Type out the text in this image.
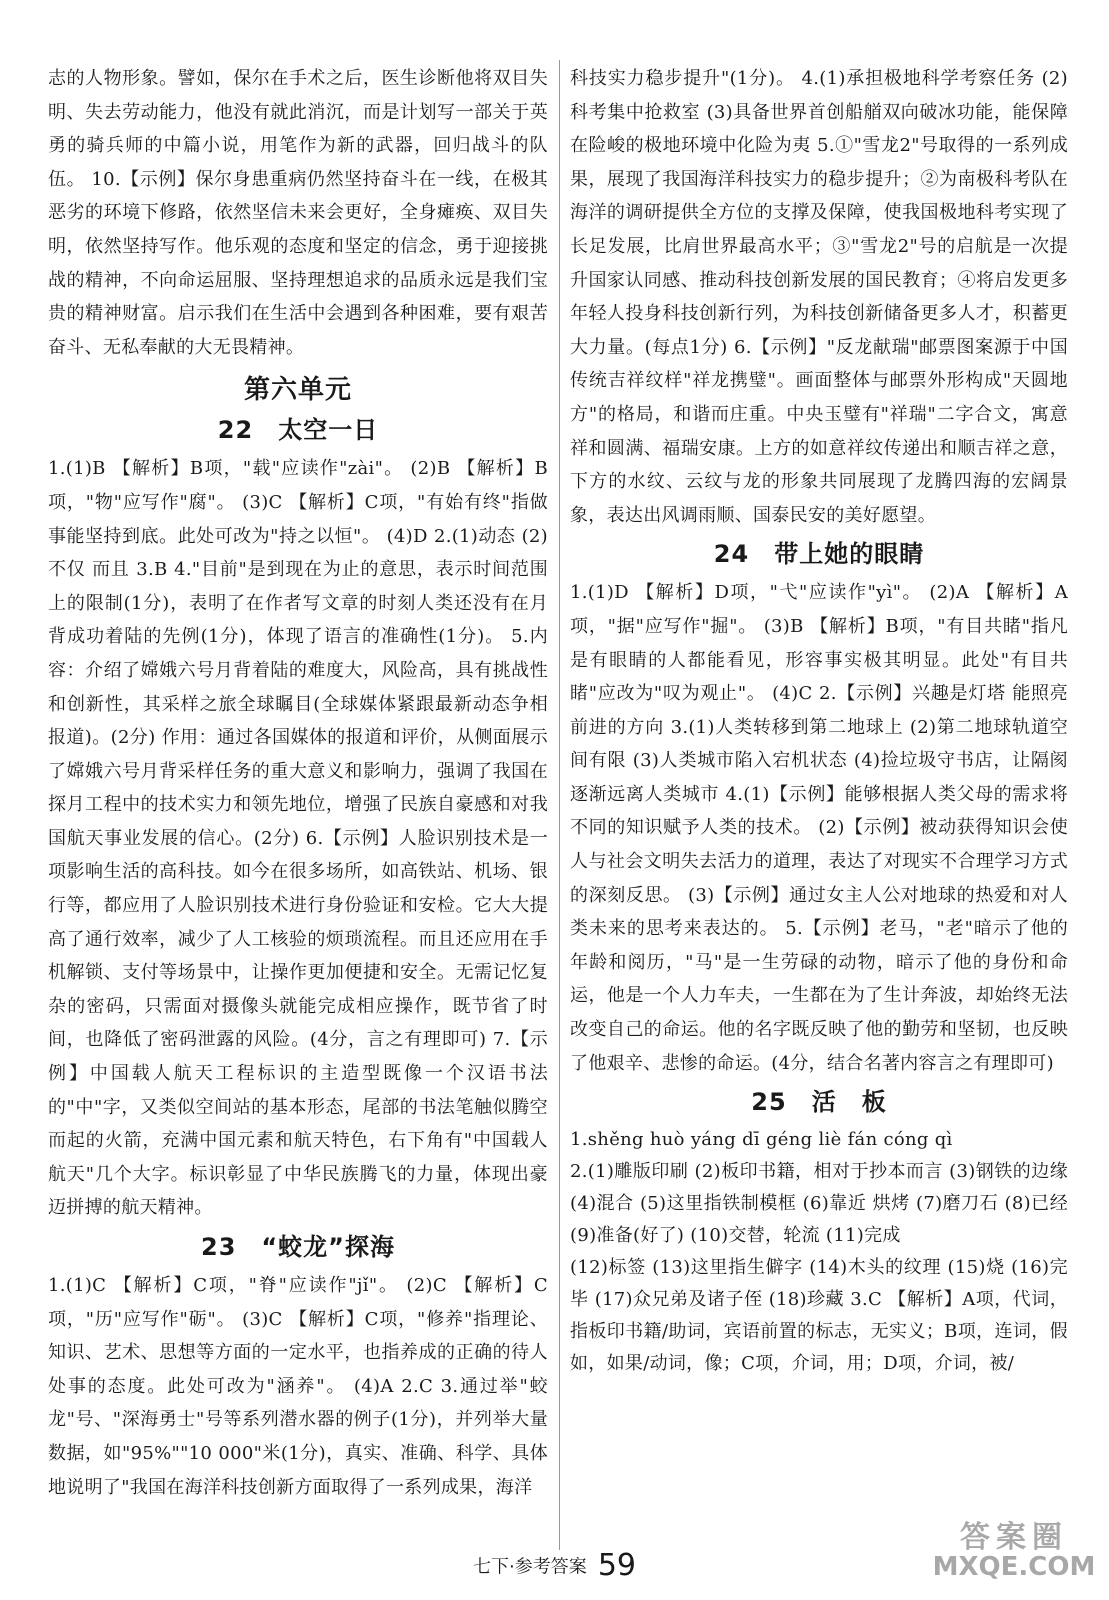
志的人物形象。譬如，保尔在手术之后，医生诊断他将双目失明、失去劳动能力，他没有就此消沉，而是计划写一部关于英勇的骑兵师的中篇小说，用笔作为新的武器，回归战斗的队伍。 10.【示例】保尔身患重病仍然坚持奋斗在一线，在极其恶劣的环境下修路，依然坚信未来会更好，全身瘫痪、双目失明，依然坚持写作。他乐观的态度和坚定的信念，勇于迎接挑战的精神，不向命运屈服、坚持理想追求的品质永远是我们宝贵的精神财富。启示我们在生活中会遇到各种困难，要有艰苦奋斗、无私奉献的大无畏精神。

第六单元
22　太空一日

1.(1)B 【解析】B项，"载"应读作"zài"。 (2)B 【解析】B项，"物"应写作"腐"。 (3)C 【解析】C项，"有始有终"指做事能坚持到底。此处可改为"持之以恒"。 (4)D 2.(1)动态 (2)不仅 而且 3.B 4."目前"是到现在为止的意思，表示时间范围上的限制(1分)，表明了在作者写文章的时刻人类还没有在月背成功着陆的先例(1分)，体现了语言的准确性(1分)。 5.内容：介绍了嫦娥六号月背着陆的难度大，风险高，具有挑战性和创新性，其采样之旅全球瞩目(全球媒体紧跟最新动态争相报道)。(2分) 作用：通过各国媒体的报道和评价，从侧面展示了嫦娥六号月背采样任务的重大意义和影响力，强调了我国在探月工程中的技术实力和领先地位，增强了民族自豪感和对我国航天事业发展的信心。(2分) 6.【示例】人脸识别技术是一项影响生活的高科技。如今在很多场所，如高铁站、机场、银行等，都应用了人脸识别技术进行身份验证和安检。它大大提高了通行效率，减少了人工核验的烦琐流程。而且还应用在手机解锁、支付等场景中，让操作更加便捷和安全。无需记忆复杂的密码，只需面对摄像头就能完成相应操作，既节省了时间，也降低了密码泄露的风险。(4分，言之有理即可) 7.【示例】中国载人航天工程标识的主造型既像一个汉语书法的"中"字，又类似空间站的基本形态，尾部的书法笔触似腾空而起的火箭，充满中国元素和航天特色，右下角有"中国载人航天"几个大字。标识彰显了中华民族腾飞的力量，体现出豪迈拼搏的航天精神。

23　“蛟龙”探海

1.(1)C 【解析】C项，"脊"应读作"jǐ"。 (2)C 【解析】C项，"历"应写作"砺"。 (3)C 【解析】C项，"修养"指理论、知识、艺术、思想等方面的一定水平，也指养成的正确的待人处事的态度。此处可改为"涵养"。 (4)A 2.C 3.通过举"蛟龙"号、"深海勇士"号等系列潜水器的例子(1分)，并列举大量数据，如"95%""10 000"米(1分)，真实、准确、科学、具体地说明了"我国在海洋科技创新方面取得了一系列成果，海洋

科技实力稳步提升"(1分)。 4.(1)承担极地科学考察任务 (2)科考集中抢救室 (3)具备世界首创船艏双向破冰功能，能保障在险峻的极地环境中化险为夷 5.①"雪龙2"号取得的一系列成果，展现了我国海洋科技实力的稳步提升；②为南极科考队在海洋的调研提供全方位的支撑及保障，使我国极地科考实现了长足发展，比肩世界最高水平；③"雪龙2"号的启航是一次提升国家认同感、推动科技创新发展的国民教育；④将启发更多年轻人投身科技创新行列，为科技创新储备更多人才，积蓄更大力量。(每点1分) 6.【示例】"反龙献瑞"邮票图案源于中国传统吉祥纹样"祥龙携璧"。画面整体与邮票外形构成"天圆地方"的格局，和谐而庄重。中央玉璧有"祥瑞"二字合文，寓意祥和圆满、福瑞安康。上方的如意祥纹传递出和顺吉祥之意，下方的水纹、云纹与龙的形象共同展现了龙腾四海的宏阔景象，表达出风调雨顺、国泰民安的美好愿望。

24　带上她的眼睛

1.(1)D 【解析】D项，"弋"应读作"yì"。 (2)A 【解析】A项，"据"应写作"掘"。 (3)B 【解析】B项，"有目共睹"指凡是有眼睛的人都能看见，形容事实极其明显。此处"有目共睹"应改为"叹为观止"。 (4)C 2.【示例】兴趣是灯塔 能照亮前进的方向 3.(1)人类转移到第二地球上 (2)第二地球轨道空间有限 (3)人类城市陷入宕机状态 (4)捡垃圾守书店，让隔阂逐渐远离人类城市 4.(1)【示例】能够根据人类父母的需求将不同的知识赋予人类的技术。 (2)【示例】被动获得知识会使人与社会文明失去活力的道理，表达了对现实不合理学习方式的深刻反思。 (3)【示例】通过女主人公对地球的热爱和对人类未来的思考来表达的。 5.【示例】老马，"老"暗示了他的年龄和阅历，"马"是一生劳碌的动物，暗示了他的身份和命运，他是一个人力车夫，一生都在为了生计奔波，却始终无法改变自己的命运。他的名字既反映了他的勤劳和坚韧，也反映了他艰辛、悲惨的命运。(4分，结合名著内容言之有理即可)

25　活　板

1.shěng huò yáng dī géng liè fán cóng qì

2.(1)雕版印刷 (2)板印书籍，相对于抄本而言 (3)钢铁的边缘 (4)混合 (5)这里指铁制模框 (6)靠近 烘烤 (7)磨刀石 (8)已经 (9)准备(好了) (10)交替，轮流 (11)完成

(12)标签 (13)这里指生僻字 (14)木头的纹理 (15)烧 (16)完毕 (17)众兄弟及诸子侄 (18)珍藏 3.C 【解析】A项，代词，指板印书籍/助词，宾语前置的标志，无实义；B项，连词，假如，如果/动词，像；C项，介词，用；D项，介词，被/

七下·参考答案 59
答案圈
MXQE.COM
